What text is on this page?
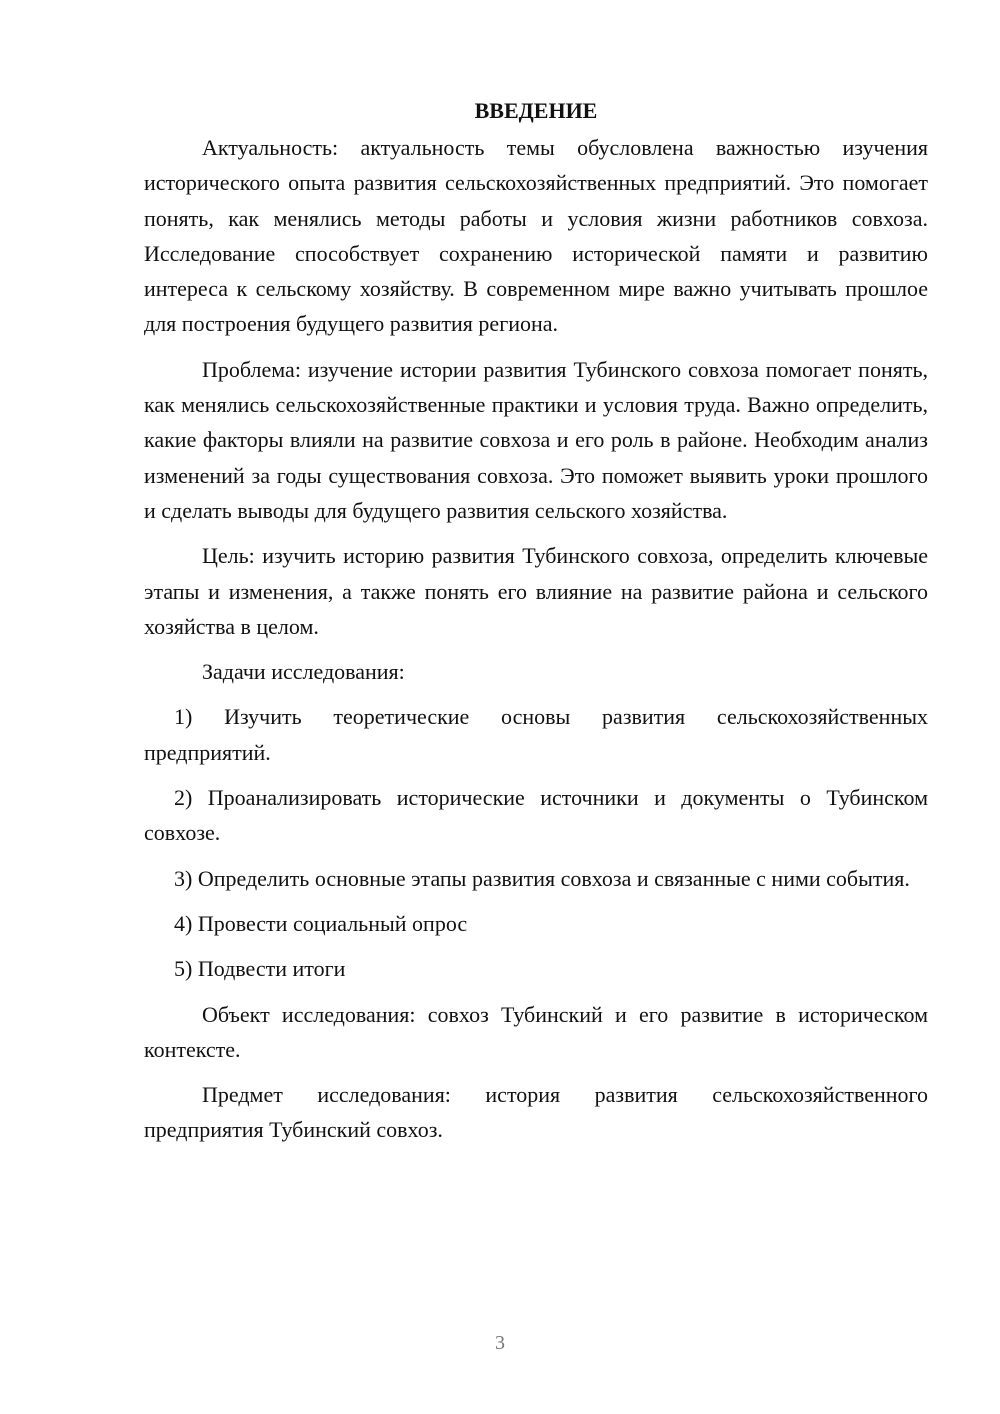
ВВЕДЕНИЕ

Актуальность: актуальность темы обусловлена важностью изучения исторического опыта развития сельскохозяйственных предприятий. Это помогает понять, как менялись методы работы и условия жизни работников совхоза. Исследование способствует сохранению исторической памяти и развитию интереса к сельскому хозяйству. В современном мире важно учитывать прошлое для построения будущего развития региона.

Проблема: изучение истории развития Тубинского совхоза помогает понять, как менялись сельскохозяйственные практики и условия труда. Важно определить, какие факторы влияли на развитие совхоза и его роль в районе. Необходим анализ изменений за годы существования совхоза. Это поможет выявить уроки прошлого и сделать выводы для будущего развития сельского хозяйства.

Цель: изучить историю развития Тубинского совхоза, определить ключевые этапы и изменения, а также понять его влияние на развитие района и сельского хозяйства в целом.

Задачи исследования:

1) Изучить теоретические основы развития сельскохозяйственных предприятий.

2) Проанализировать исторические источники и документы о Тубинском совхозе.

3) Определить основные этапы развития совхоза и связанные с ними события.

4) Провести социальный опрос

5) Подвести итоги

Объект исследования: совхоз Тубинский и его развитие в историческом контексте.

Предмет исследования: история развития сельскохозяйственного предприятия Тубинский совхоз.

3
